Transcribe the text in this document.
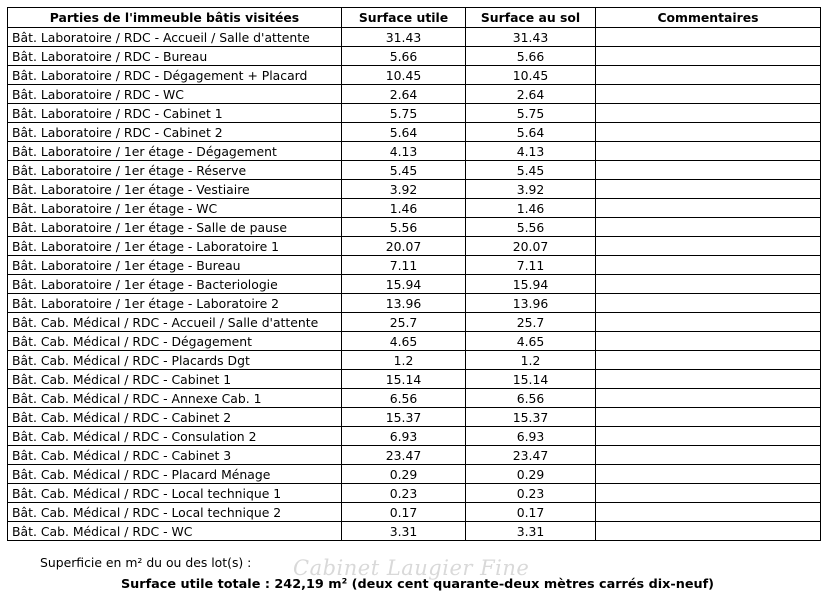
Parties de l'immeuble bâtis visitées	Surface utile	Surface au sol	Commentaires
Bât. Laboratoire / RDC - Accueil / Salle d'attente	31.43	31.43	
Bât. Laboratoire / RDC - Bureau	5.66	5.66	
Bât. Laboratoire / RDC - Dégagement + Placard	10.45	10.45	
Bât. Laboratoire / RDC - WC	2.64	2.64	
Bât. Laboratoire / RDC - Cabinet 1	5.75	5.75	
Bât. Laboratoire / RDC - Cabinet 2	5.64	5.64	
Bât. Laboratoire / 1er étage - Dégagement	4.13	4.13	
Bât. Laboratoire / 1er étage - Réserve	5.45	5.45	
Bât. Laboratoire / 1er étage - Vestiaire	3.92	3.92	
Bât. Laboratoire / 1er étage - WC	1.46	1.46	
Bât. Laboratoire / 1er étage - Salle de pause	5.56	5.56	
Bât. Laboratoire / 1er étage - Laboratoire 1	20.07	20.07	
Bât. Laboratoire / 1er étage - Bureau	7.11	7.11	
Bât. Laboratoire / 1er étage - Bacteriologie	15.94	15.94	
Bât. Laboratoire / 1er étage - Laboratoire 2	13.96	13.96	
Bât. Cab. Médical / RDC - Accueil / Salle d'attente	25.7	25.7	
Bât. Cab. Médical / RDC - Dégagement	4.65	4.65	
Bât. Cab. Médical / RDC - Placards Dgt	1.2	1.2	
Bât. Cab. Médical / RDC - Cabinet 1	15.14	15.14	
Bât. Cab. Médical / RDC - Annexe Cab. 1	6.56	6.56	
Bât. Cab. Médical / RDC - Cabinet 2	15.37	15.37	
Bât. Cab. Médical / RDC - Consulation 2	6.93	6.93	
Bât. Cab. Médical / RDC - Cabinet 3	23.47	23.47	
Bât. Cab. Médical / RDC - Placard Ménage	0.29	0.29	
Bât. Cab. Médical / RDC - Local technique 1	0.23	0.23	
Bât. Cab. Médical / RDC - Local technique 2	0.17	0.17	
Bât. Cab. Médical / RDC - WC	3.31	3.31	
Cabinet Laugier Fine
Superficie en m² du ou des lot(s) :
Surface utile totale : 242,19 m² (deux cent quarante-deux mètres carrés dix-neuf)
